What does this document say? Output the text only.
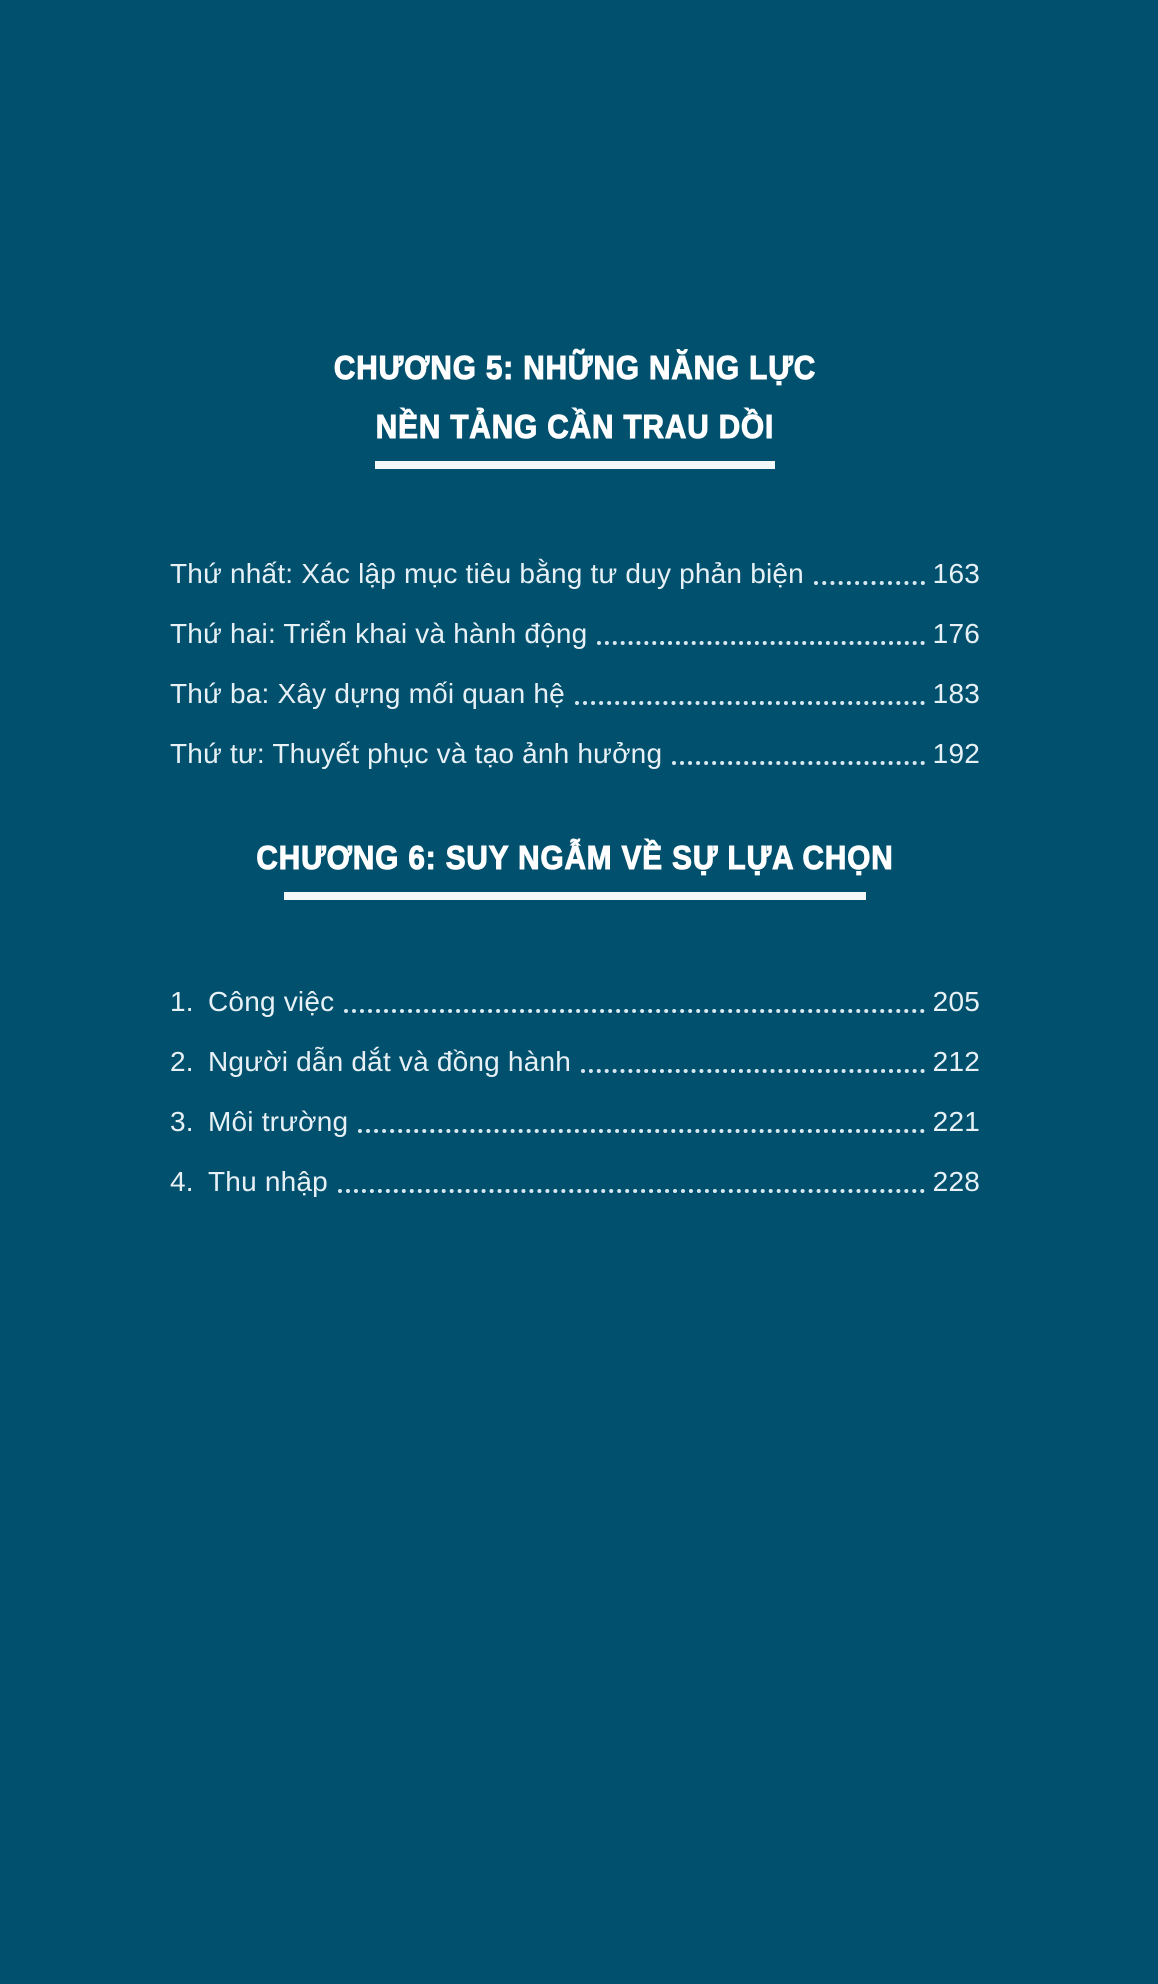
CHƯƠNG 5: NHỮNG NĂNG LỰC
NỀN TẢNG CẦN TRAU DỒI
Thứ nhất: Xác lập mục tiêu bằng tư duy phản biện	163
Thứ hai: Triển khai và hành động	176
Thứ ba: Xây dựng mối quan hệ	183
Thứ tư: Thuyết phục và tạo ảnh hưởng	192
CHƯƠNG 6: SUY NGẪM VỀ SỰ LỰA CHỌN
1. Công việc	205
2. Người dẫn dắt và đồng hành	212
3. Môi trường	221
4. Thu nhập	228
